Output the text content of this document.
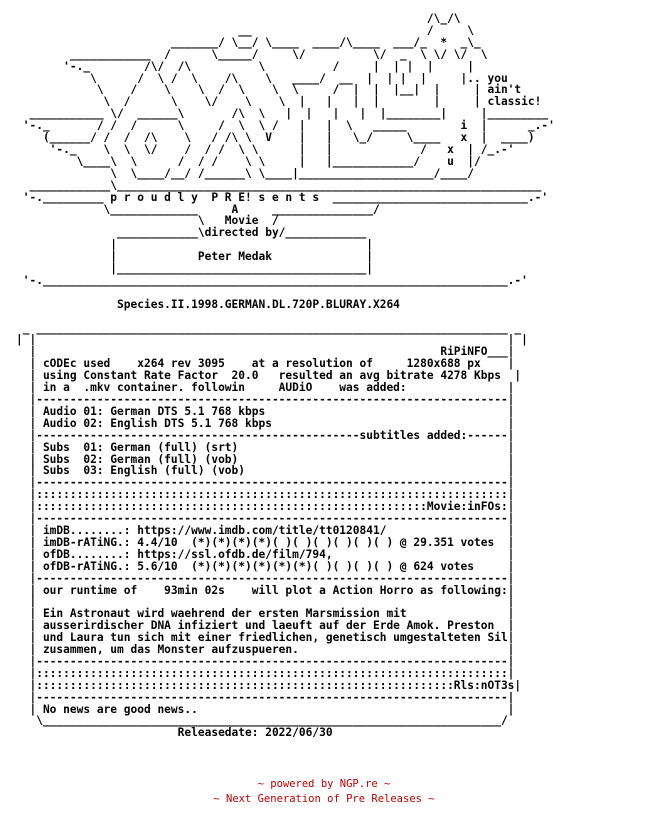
/\_/\
__                          /     \
_______/ \__/ \____  ____/\____  ___/_  *  _\_
____________  /      \_____/     \/          \/  _  \ \/ \/  \
'-._        /\/  /\          \          /     |  | |  |     |
\      /  \ /  \    /\    \   ____/  __  |  | |  |     |.. you
\    /    \    \  /  \    \  \     /  |  |  |__|  |     | ain't
\  /      \    \/    \    \  |   |   |  |        |     | classic!
___________ \/  ______\       /\  \   |  |   |   |  |________|     |_________
'-._       / /  /      \     /  \  \ /   |   |  \   _____        i  |      _.-'
(______/ /  /  /\    \   / /\ \  V    |   |   \_/     \____   x  |  ____)
'-._    \  \  \/    /  / /  \ \      |   |             /   x  | /_.-'
\____\  \      /  / /    \ \     |   |____________/    u  |/
\  \____/__/ /______\ \____|____________________/____/
____________\_______________________________________________________________
'-._________ p r o u d l y  P R E! s e n t s  _____________________________.-'
\_____________     A     _______________/
\   Movie  /
____________\directed by/____________
|                                     |
|            Peter Medak              |
|_____________________________________|
'-._____________________________________________________________________.-'

Species.II.1998.GERMAN.DL.720P.BLURAY.X264

_ ______________________________________________________________________ _
| |                                                                      | |
|                                                            RiPiNFO___|
| cODEc used    x264 rev 3095    at a resolution of     1280x688 px    |
| using Constant Rate Factor  20.0   resulted an avg bitrate 4278 Kbps  |
| in a  .mkv container. followin     AUDiO    was added:               |
|----------------------------------------------------------------------|
| Audio 01: German DTS 5.1 768 kbps                                    |
| Audio 02: English DTS 5.1 768 kbps                                   |
|------------------------------------------------subtitles added:------|
| Subs  01: German (full) (srt)                                        |
| Subs  02: German (full) (vob)                                        |
| Subs  03: English (full) (vob)                                       |
|----------------------------------------------------------------------|
|::::::::::::::::::::::::::::::::::::::::::::::::::::::::::::::::::::::|
|::::::::::::::::::::::::::::::::::::::::::::::::::::::::::Movie:inFOs:|
|----------------------------------------------------------------------|
| imDB........: https://www.imdb.com/title/tt0120841/                  |
| imDB-rATiNG.: 4.4/10  (*)(*)(*)(*)( )( )( )( )( )( ) @ 29.351 votes  |
| ofDB........: https://ssl.ofdb.de/film/794,                          |
| ofDB-rATiNG.: 5.6/10  (*)(*)(*)(*)(*)(*)( )( )( )( ) @ 624 votes     |
|----------------------------------------------------------------------|
| our runtime of    93min 02s    will plot a Action Horro as following:|
|                                                                      |
| Ein Astronaut wird waehrend der ersten Marsmission mit               |
| ausserirdischer DNA infiziert und laeuft auf der Erde Amok. Preston  |
| und Laura tun sich mit einer friedlichen, genetisch umgestalteten Sil|
| zusammen, um das Monster aufzuspueren.                               |
|----------------------------------------------------------------------|
|::::::::::::::::::::::::::::::::::::::::::::::::::::::::::::::::::::::|
|::::::::::::::::::::::::::::::::::::::::::::::::::::::::::::::Rls:nOT3s|
|----------------------------------------------------------------------|
| No news are good news..                                              |
\____________________________________________________________________/
Releasedate: 2022/06/30

~ powered by NGP.re ~
~ Next Generation of Pre Releases ~
